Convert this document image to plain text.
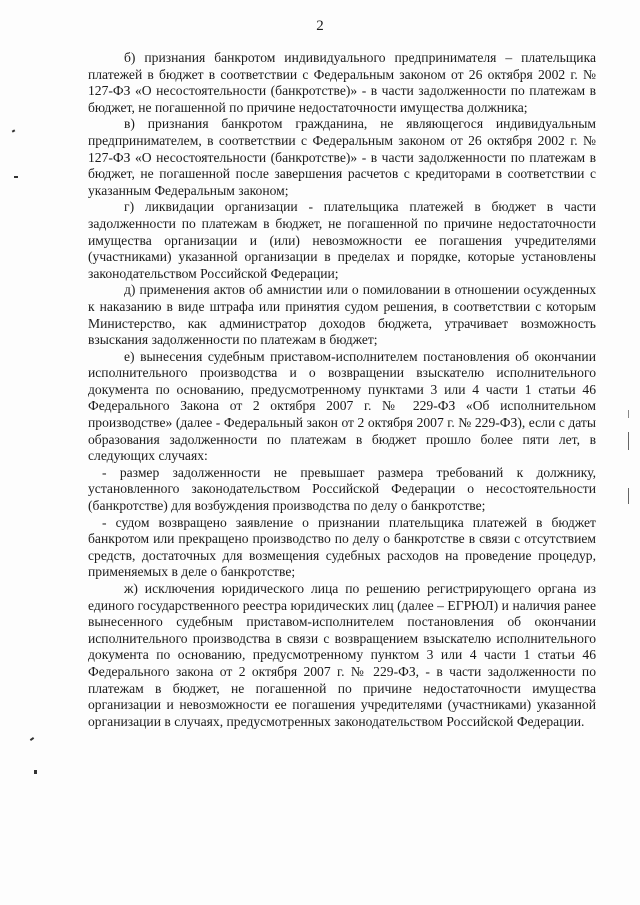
2

б) признания банкротом индивидуального предпринимателя – плательщика платежей в бюджет в соответствии с Федеральным законом от 26 октября 2002 г. № 127-ФЗ «О несостоятельности (банкротстве)» - в части задолженности по платежам в бюджет, не погашенной по причине недостаточности имущества должника;

в) признания банкротом гражданина, не являющегося индивидуальным предпринимателем, в соответствии с Федеральным законом от 26 октября 2002 г. № 127-ФЗ «О несостоятельности (банкротстве)» - в части задолженности по платежам в бюджет, не погашенной после завершения расчетов с кредиторами в соответствии с указанным Федеральным законом;

г) ликвидации организации - плательщика платежей в бюджет в части задолженности по платежам в бюджет, не погашенной по причине недостаточности имущества организации и (или) невозможности ее погашения учредителями (участниками) указанной организации в пределах и порядке, которые установлены законодательством Российской Федерации;

д) применения актов об амнистии или о помиловании в отношении осужденных к наказанию в виде штрафа или принятия судом решения, в соответствии с которым Министерство, как администратор доходов бюджета, утрачивает возможность взыскания задолженности по платежам в бюджет;

е) вынесения судебным приставом-исполнителем постановления об окончании исполнительного производства и о возвращении взыскателю исполнительного документа по основанию, предусмотренному пунктами 3 или 4 части 1 статьи 46 Федерального Закона от 2 октября 2007 г. № 229-ФЗ «Об исполнительном производстве» (далее - Федеральный закон от 2 октября 2007 г. № 229-ФЗ), если с даты образования задолженности по платежам в бюджет прошло более пяти лет, в следующих случаях:

- размер задолженности не превышает размера требований к должнику, установленного законодательством Российской Федерации о несостоятельности (банкротстве) для возбуждения производства по делу о банкротстве;

- судом возвращено заявление о признании плательщика платежей в бюджет банкротом или прекращено производство по делу о банкротстве в связи с отсутствием средств, достаточных для возмещения судебных расходов на проведение процедур, применяемых в деле о банкротстве;

ж) исключения юридического лица по решению регистрирующего органа из единого государственного реестра юридических лиц (далее – ЕГРЮЛ) и наличия ранее вынесенного судебным приставом-исполнителем постановления об окончании исполнительного производства в связи с возвращением взыскателю исполнительного документа по основанию, предусмотренному пунктом 3 или 4 части 1 статьи 46 Федерального закона от 2 октября 2007 г. № 229-ФЗ, - в части задолженности по платежам в бюджет, не погашенной по причине недостаточности имущества организации и невозможности ее погашения учредителями (участниками) указанной организации в случаях, предусмотренных законодательством Российской Федерации.
